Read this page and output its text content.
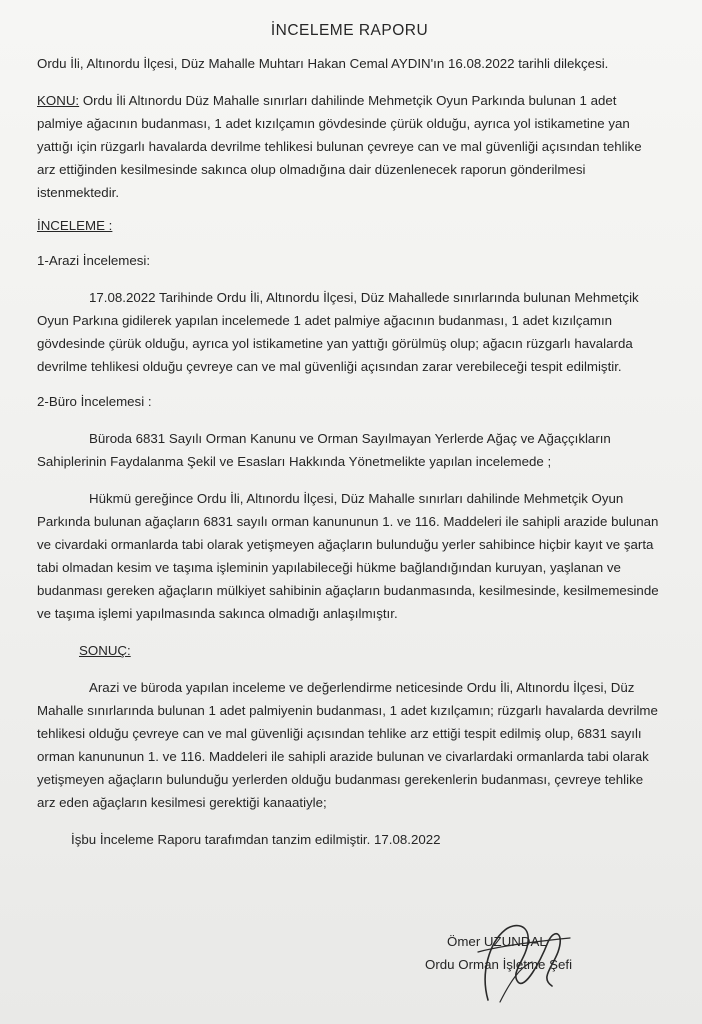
İNCELEME RAPORU

Ordu İli, Altınordu İlçesi, Düz Mahalle Muhtarı Hakan Cemal AYDIN'ın 16.08.2022 tarihli dilekçesi.

KONU: Ordu İli Altınordu Düz Mahalle sınırları dahilinde Mehmetçik Oyun Parkında bulunan 1 adet palmiye ağacının budanması, 1 adet kızılçamın gövdesinde çürük olduğu, ayrıca yol istikametine yan yattığı için rüzgarlı havalarda devrilme tehlikesi bulunan çevreye can ve mal güvenliği açısından tehlike arz ettiğinden kesilmesinde sakınca olup olmadığına dair düzenlenecek raporun gönderilmesi istenmektedir.

İNCELEME :

1-Arazi İncelemesi:

17.08.2022 Tarihinde Ordu İli, Altınordu İlçesi, Düz Mahallede sınırlarında bulunan Mehmetçik Oyun Parkına gidilerek yapılan incelemede 1 adet palmiye ağacının budanması, 1 adet kızılçamın gövdesinde çürük olduğu, ayrıca yol istikametine yan yattığı görülmüş olup; ağacın rüzgarlı havalarda devrilme tehlikesi olduğu çevreye can ve mal güvenliği açısından zarar verebileceği tespit edilmiştir.

2-Büro İncelemesi :

Büroda 6831 Sayılı Orman Kanunu ve Orman Sayılmayan Yerlerde Ağaç ve Ağaççıkların Sahiplerinin Faydalanma Şekil ve Esasları Hakkında Yönetmelikte yapılan incelemede ;

Hükmü gereğince Ordu İli, Altınordu İlçesi, Düz Mahalle sınırları dahilinde Mehmetçik Oyun Parkında bulunan ağaçların 6831 sayılı orman kanununun 1. ve 116. Maddeleri ile sahipli arazide bulunan ve civardaki ormanlarda tabi olarak yetişmeyen ağaçların bulunduğu yerler sahibince hiçbir kayıt ve şarta tabi olmadan kesim ve taşıma işleminin yapılabileceği hükme bağlandığından kuruyan, yaşlanan ve budanması gereken ağaçların mülkiyet sahibinin ağaçların budanmasında, kesilmesinde, kesilmemesinde ve taşıma işlemi yapılmasında sakınca olmadığı anlaşılmıştır.

SONUÇ:

Arazi ve büroda yapılan inceleme ve değerlendirme neticesinde Ordu İli, Altınordu İlçesi, Düz Mahalle sınırlarında bulunan 1 adet palmiyenin budanması, 1 adet kızılçamın; rüzgarlı havalarda devrilme tehlikesi olduğu çevreye can ve mal güvenliği açısından tehlike arz ettiği tespit edilmiş olup, 6831 sayılı orman kanununun 1. ve 116. Maddeleri ile sahipli arazide bulunan ve civarlardaki ormanlarda tabi olarak yetişmeyen ağaçların bulunduğu yerlerden olduğu budanması gerekenlerin budanması, çevreye tehlike arz eden ağaçların kesilmesi gerektiği kanaatiyle;

İşbu İnceleme Raporu tarafımdan tanzim edilmiştir. 17.08.2022

Ömer UZUNDAL
Ordu Orman İşletme Şefi
